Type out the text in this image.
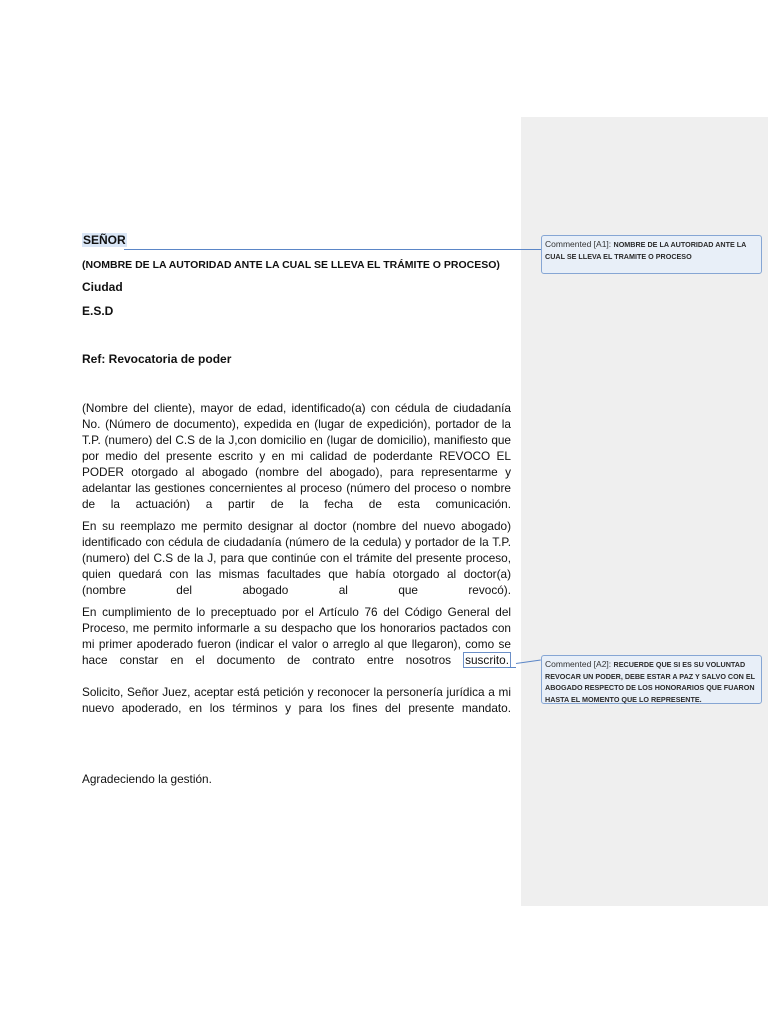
SEÑOR
(NOMBRE DE LA AUTORIDAD ANTE LA CUAL SE LLEVA EL TRÁMITE O PROCESO)
Ciudad
E.S.D
Ref: Revocatoria de poder
(Nombre del cliente), mayor de edad, identificado(a) con cédula de ciudadanía No. (Número de documento), expedida en (lugar de expedición), portador de la T.P. (numero) del C.S de la J,con domicilio en (lugar de domicilio), manifiesto que por medio del presente escrito y en mi calidad de poderdante REVOCO EL PODER otorgado al abogado (nombre del abogado), para representarme y adelantar las gestiones concernientes al proceso (número del proceso o nombre de la actuación) a partir de la fecha de esta comunicación.
En su reemplazo me permito designar al doctor (nombre del nuevo abogado) identificado con cédula de ciudadanía (número de la cedula) y portador de la T.P. (numero) del C.S de la J, para que continúe con el trámite del presente proceso, quien quedará con las mismas facultades que había otorgado al doctor(a) (nombre del abogado al que revocó).
En cumplimiento de lo preceptuado por el Artículo 76 del Código General del Proceso, me permito informarle a su despacho que los honorarios pactados con mi primer apoderado fueron (indicar el valor o arreglo al que llegaron), como se hace constar en el documento de contrato entre nosotros suscrito.
Solicito, Señor Juez, aceptar está petición y reconocer la personería jurídica a mi nuevo apoderado, en los términos y para los fines del presente mandato.
Agradeciendo la gestión.
Commented [A1]: NOMBRE DE LA AUTORIDAD ANTE LA CUAL SE LLEVA EL TRAMITE O PROCESO
Commented [A2]: RECUERDE QUE SI ES SU VOLUNTAD REVOCAR UN PODER, DEBE ESTAR A PAZ Y SALVO CON EL ABOGADO RESPECTO DE LOS HONORARIOS QUE FUARON HASTA EL MOMENTO QUE LO REPRESENTE.
